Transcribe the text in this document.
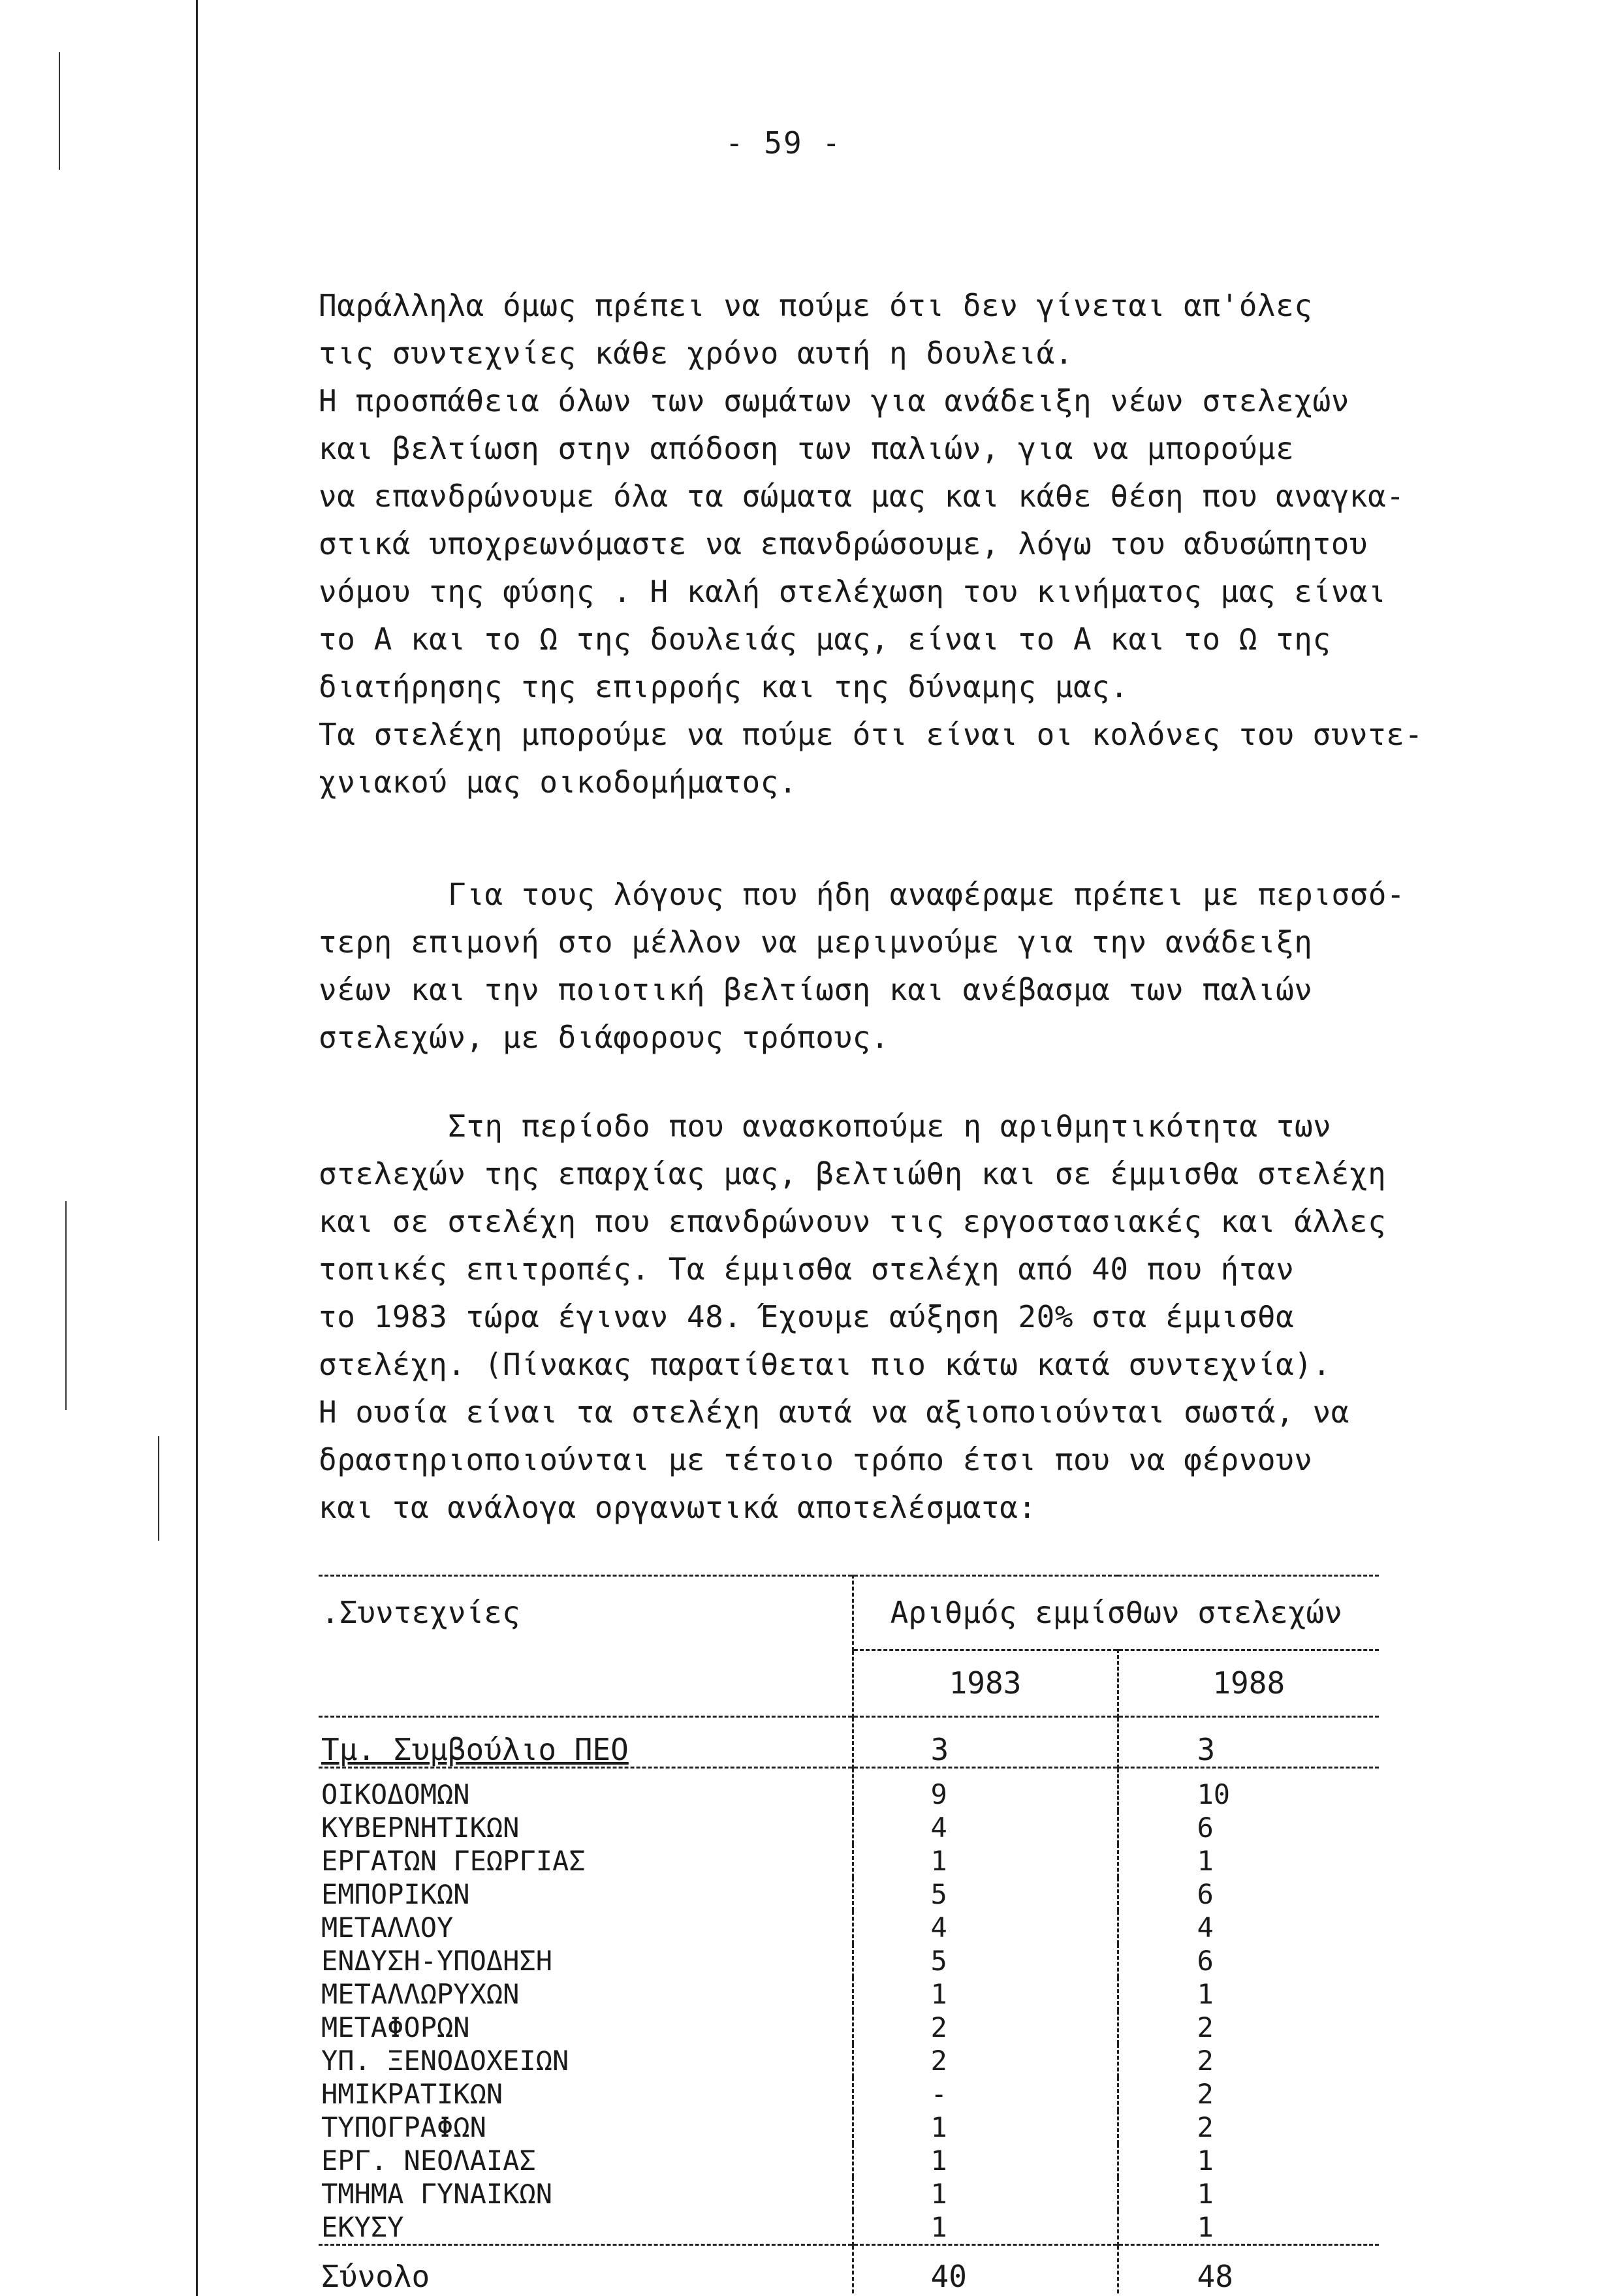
- 59 -
Παράλληλα όμως πρέπει να πούμε ότι δεν γίνεται απ'όλες
τις συντεχνίες κάθε χρόνο αυτή η δουλειά.
Η προσπάθεια όλων των σωμάτων για ανάδειξη νέων στελεχών
και βελτίωση στην απόδοση των παλιών, για να μπορούμε
να επανδρώνουμε όλα τα σώματα μας και κάθε θέση που αναγκα-
στικά υποχρεωνόμαστε να επανδρώσουμε, λόγω του αδυσώπητου
νόμου της φύσης . Η καλή στελέχωση του κινήματος μας είναι
το Α και το Ω της δουλειάς μας, είναι το Α και το Ω της
διατήρησης της επιρροής και της δύναμης μας.
Τα στελέχη μπορούμε να πούμε ότι είναι οι κολόνες του συντε-
χνιακού μας οικοδομήματος.
Για τους λόγους που ήδη αναφέραμε πρέπει με περισσό-
τερη επιμονή στο μέλλον να μεριμνούμε για την ανάδειξη
νέων και την ποιοτική βελτίωση και ανέβασμα των παλιών
στελεχών, με διάφορους τρόπους.
Στη περίοδο που ανασκοπούμε η αριθμητικότητα των
στελεχών της επαρχίας μας, βελτιώθη και σε έμμισθα στελέχη
και σε στελέχη που επανδρώνουν τις εργοστασιακές και άλλες
τοπικές επιτροπές. Τα έμμισθα στελέχη από 40 που ήταν
το 1983 τώρα έγιναν 48. Έχουμε αύξηση 20% στα έμμισθα
στελέχη. (Πίνακας παρατίθεται πιο κάτω κατά συντεχνία).
Η ουσία είναι τα στελέχη αυτά να αξιοποιούνται σωστά, να
δραστηριοποιούνται με τέτοιο τρόπο έτσι που να φέρνουν
και τα ανάλογα οργανωτικά αποτελέσματα:
.Συντεχνίες	Αριθμός εμμίσθων στελεχών	
	1983	1988
Τμ. Συμβούλιο ΠΕΟ	3	3
ΟΙΚΟΔΟΜΩΝ	9	10
ΚΥΒΕΡΝΗΤΙΚΩΝ	4	6
ΕΡΓΑΤΩΝ ΓΕΩΡΓΙΑΣ	1	1
ΕΜΠΟΡΙΚΩΝ	5	6
ΜΕΤΑΛΛΟΥ	4	4
ΕΝΔΥΣΗ-ΥΠΟΔΗΣΗ	5	6
ΜΕΤΑΛΛΩΡΥΧΩΝ	1	1
ΜΕΤΑΦΟΡΩΝ	2	2
ΥΠ. ΞΕΝΟΔΟΧΕΙΩΝ	2	2
ΗΜΙΚΡΑΤΙΚΩΝ	-	2
ΤΥΠΟΓΡΑΦΩΝ	1	2
ΕΡΓ. ΝΕΟΛΑΙΑΣ	1	1
ΤΜΗΜΑ ΓΥΝΑΙΚΩΝ	1	1
ΕΚΥΣΥ	1	1
Σύνολο	40	48
